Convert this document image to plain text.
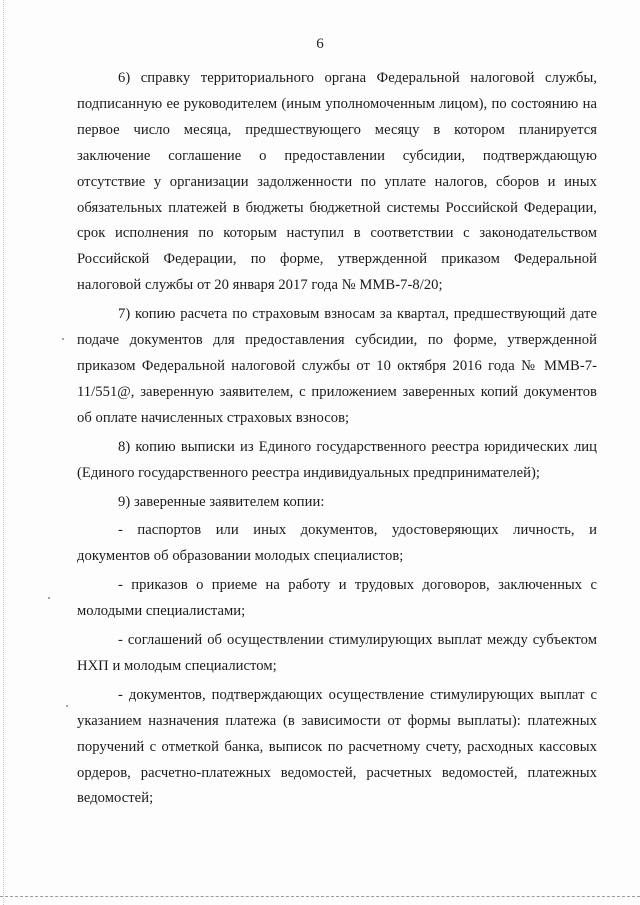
6

6) справку территориального органа Федеральной налоговой службы, подписанную ее руководителем (иным уполномоченным лицом), по состоянию на первое число месяца, предшествующего месяцу в котором планируется заключение соглашение о предоставлении субсидии, подтверждающую отсутствие у организации задолженности по уплате налогов, сборов и иных обязательных платежей в бюджеты бюджетной системы Российской Федерации, срок исполнения по которым наступил в соответствии с законодательством Российской Федерации, по форме, утвержденной приказом Федеральной налоговой службы от 20 января 2017 года № ММВ-7-8/20;

7) копию расчета по страховым взносам за квартал, предшествующий дате подаче документов для предоставления субсидии, по форме, утвержденной приказом Федеральной налоговой службы от 10 октября 2016 года № ММВ-7-11/551@, заверенную заявителем, с приложением заверенных копий документов об оплате начисленных страховых взносов;

8) копию выписки из Единого государственного реестра юридических лиц (Единого государственного реестра индивидуальных предпринимателей);

9) заверенные заявителем копии:

- паспортов или иных документов, удостоверяющих личность, и документов об образовании молодых специалистов;

- приказов о приеме на работу и трудовых договоров, заключенных с молодыми специалистами;

- соглашений об осуществлении стимулирующих выплат между субъектом НХП и молодым специалистом;

- документов, подтверждающих осуществление стимулирующих выплат с указанием назначения платежа (в зависимости от формы выплаты): платежных поручений с отметкой банка, выписок по расчетному счету, расходных кассовых ордеров, расчетно-платежных ведомостей, расчетных ведомостей, платежных ведомостей;
